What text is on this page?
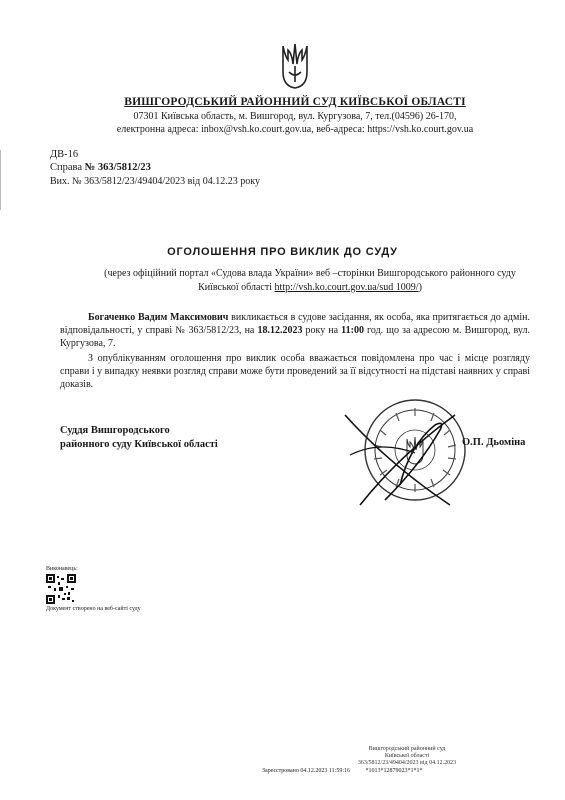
ВИШГОРОДСЬКИЙ РАЙОННИЙ СУД КИЇВСЬКОЇ ОБЛАСТІ
07301 Київська область, м. Вишгород, вул. Кургузова, 7, тел.(04596) 26-170,
електронна адреса: inbox@vsh.ko.court.gov.ua, веб-адреса: https://vsh.ko.court.gov.ua
ДВ-16
Справа № 363/5812/23
Вих. № 363/5812/23/49404/2023 від 04.12.23 року
ОГОЛОШЕННЯ ПРО ВИКЛИК ДО СУДУ
(через офіційний портал «Судова влада України» веб –сторінки Вишгородського районного суду Київської області http://vsh.ko.court.gov.ua/sud 1009/)
Богаченко Вадим Максимович викликається в судове засідання, як особа, яка притягається до адмін. відповідальності, у справі № 363/5812/23, на 18.12.2023 року на 11:00 год. що за адресою м. Вишгород, вул. Кургузова, 7.
З опублікуванням оголошення про виклик особа вважається повідомлена про час і місце розгляду справи і у випадку неявки розгляд справи може бути проведений за її відсутності на підставі наявних у справі доказів.
Суддя Вишгородського
районного суду Київської області	О.П. Дьоміна
Виконавець:
Документ створено на веб-сайті суду
Вишгородський районний суд
Київської області
363/5812/23/49404/2023 від 04.12.2023
Зареєстровано 04.12.2023 11:59:16	*1013*12879023*1*1*
